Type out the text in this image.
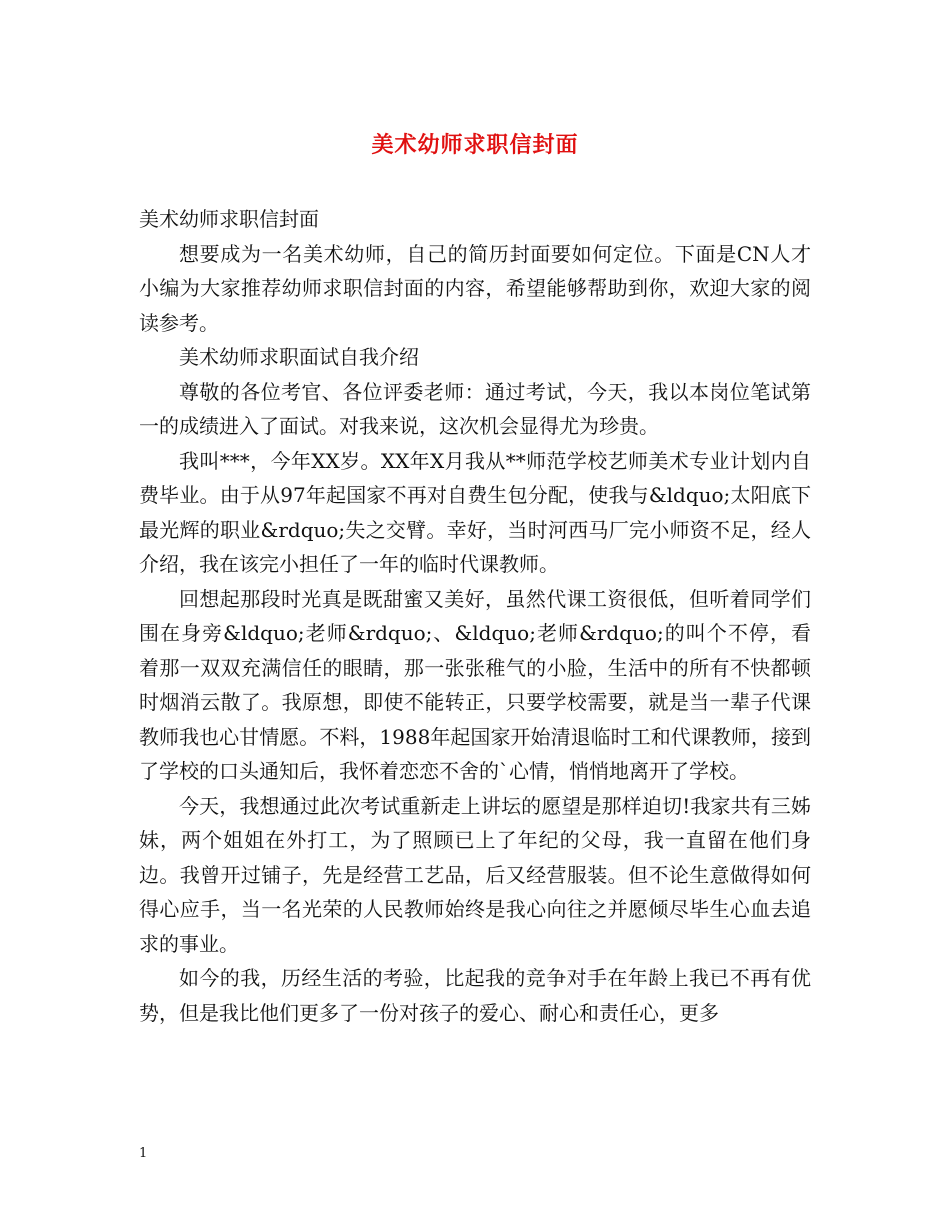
美术幼师求职信封面

美术幼师求职信封面

想要成为一名美术幼师，自己的简历封面要如何定位。下面是CN人才小编为大家推荐幼师求职信封面的内容，希望能够帮助到你，欢迎大家的阅读参考。

美术幼师求职面试自我介绍

尊敬的各位考官、各位评委老师：通过考试，今天，我以本岗位笔试第一的成绩进入了面试。对我来说，这次机会显得尤为珍贵。

我叫***，今年XX岁。XX年X月我从**师范学校艺师美术专业计划内自费毕业。由于从97年起国家不再对自费生包分配，使我与&ldquo;太阳底下最光辉的职业&rdquo;失之交臂。幸好，当时河西马厂完小师资不足，经人介绍，我在该完小担任了一年的临时代课教师。

回想起那段时光真是既甜蜜又美好，虽然代课工资很低，但听着同学们围在身旁&ldquo;老师&rdquo;、&ldquo;老师&rdquo;的叫个不停，看着那一双双充满信任的眼睛，那一张张稚气的小脸，生活中的所有不快都顿时烟消云散了。我原想，即使不能转正，只要学校需要，就是当一辈子代课教师我也心甘情愿。不料，1988年起国家开始清退临时工和代课教师，接到了学校的口头通知后，我怀着恋恋不舍的`心情，悄悄地离开了学校。

今天，我想通过此次考试重新走上讲坛的愿望是那样迫切!我家共有三姊妹，两个姐姐在外打工，为了照顾已上了年纪的父母，我一直留在他们身边。我曾开过铺子，先是经营工艺品，后又经营服装。但不论生意做得如何得心应手，当一名光荣的人民教师始终是我心向往之并愿倾尽毕生心血去追求的事业。

如今的我，历经生活的考验，比起我的竞争对手在年龄上我已不再有优势，但是我比他们更多了一份对孩子的爱心、耐心和责任心，更多

1
